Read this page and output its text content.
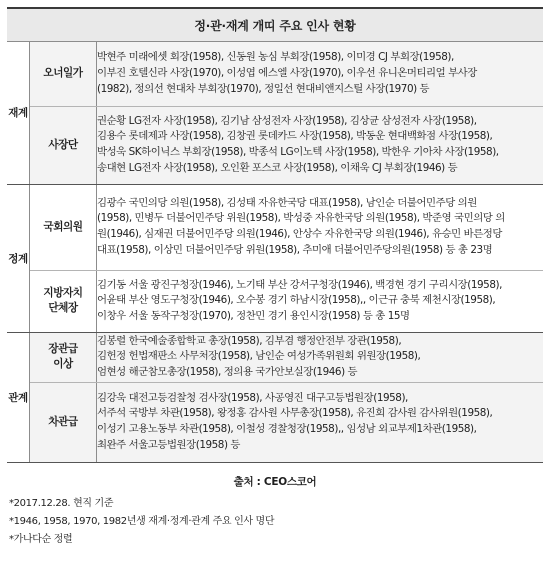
정·관·재계 개띠 주요 인사 현황
재계	오너일가	박현주 미래에셋 회장(1958), 신동원 농심 부회장(1958), 이미경 CJ 부회장(1958),
이부진 호텔신라 사장(1970), 이성엽 에스엘 사장(1970), 이우선 유니온머티리얼 부사장
(1982), 정의선 현대차 부회장(1970), 정일선 현대비앤지스틸 사장(1970) 등

	사장단	권순황 LG전자 사장(1958), 김기남 삼성전자 사장(1958), 김상균 삼성전자 사장(1958),
김용수 롯데제과 사장(1958), 김창권 롯데카드 사장(1958), 박동운 현대백화점 사장(1958),
박성욱 SK하이닉스 부회장(1958), 박종석 LG이노텍 사장(1958), 박한우 기아차 사장(1958),
송대현 LG전자 사장(1958), 오인환 포스코 사장(1958), 이채욱 CJ 부회장(1946) 등

정계	국회의원	김광수 국민의당 의원(1958), 김성태 자유한국당 대표(1958), 남인순 더불어민주당 의원
(1958), 민병두 더불어민주당 위원(1958), 박성중 자유한국당 의원(1958), 박준영 국민의당 의
원(1946), 심재권 더불어민주당 의원(1946), 안상수 자유한국당 의원(1946), 유승민 바른정당
대표(1958), 이상민 더불어민주당 위원(1958), 추미애 더불어민주당의원(1958) 등 총 23명

	지방자치
단체장	김기동 서울 광진구청장(1946), 노기태 부산 강서구청장(1946), 백경현 경기 구리시장(1958),
어윤태 부산 영도구청장(1946), 오수봉 경기 하남시장(1958),, 이근규 충북 제천시장(1958),
이창우 서울 동작구청장(1970), 정찬민 경기 용인시장(1958) 등 총 15명

관계	장관급
이상	김봉렬 한국예술종합학교 총장(1958), 김부겸 행정안전부 장관(1958),
김헌정 헌법재판소 사무처장(1958), 남인순 여성가족위원회 위원장(1958),
엄현성 해군참모총장(1958), 정의용 국가안보실장(1946) 등

	차관급	김강욱 대전고등검찰청 검사장(1958), 사공영진 대구고등법원장(1958),
서주석 국방부 차관(1958), 왕정홍 감사원 사무총장(1958), 유진희 감사원 감사위원(1958),
이성기 고용노동부 차관(1958), 이철성 경찰청장(1958),, 임성남 외교부제1차관(1958),
최완주 서울고등법원장(1958) 등
출처 : CEO스코어
*2017.12.28. 현직 기준
*1946, 1958, 1970, 1982년생 재계·정계·관계 주요 인사 명단
*가나다순 정렬
